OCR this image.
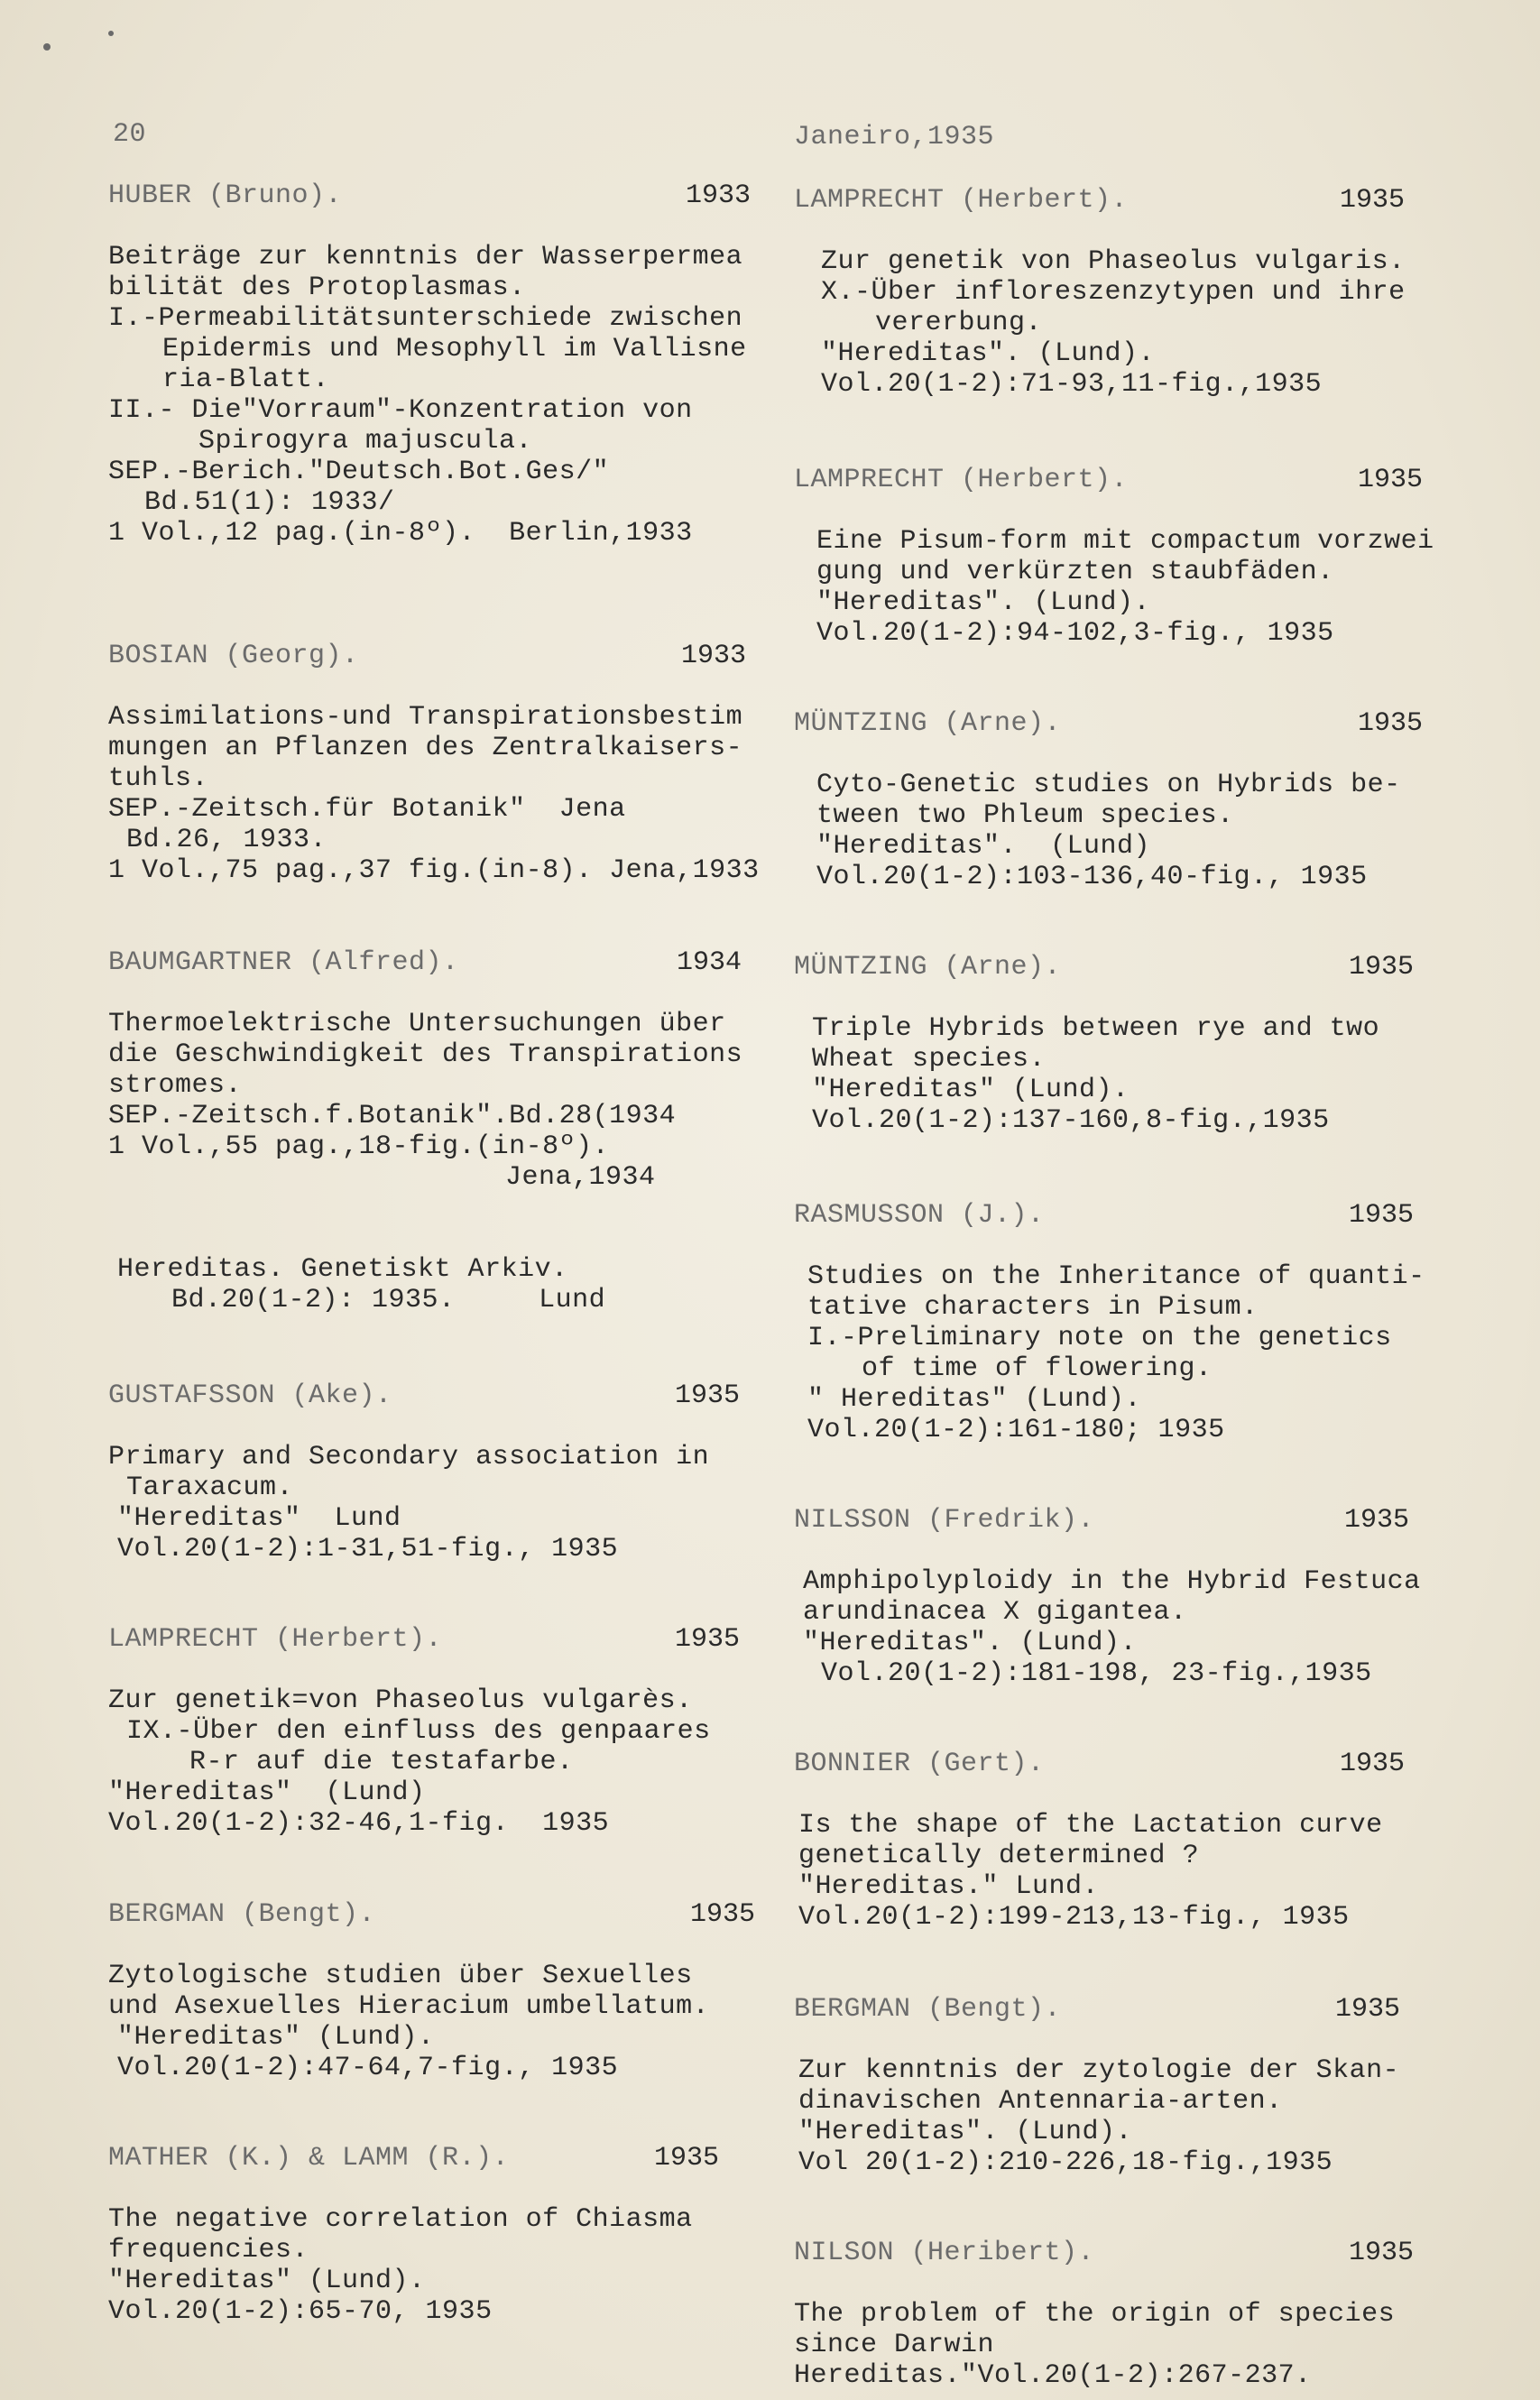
20
HUBER (Bruno).	1933
Beiträge zur kenntnis der Wasserpermea
bilität des Protoplasmas.
I.-Permeabilitätsunterschiede zwischen
Epidermis und Mesophyll im Vallisne
ria-Blatt.
II.- Die"Vorraum"-Konzentration von
Spirogyra majuscula.
SEP.-Berich."Deutsch.Bot.Ges/"
Bd.51(1): 1933/
1 Vol.,12 pag.(in-8º).  Berlin,1933
BOSIAN (Georg).	1933
Assimilations-und Transpirationsbestim
mungen an Pflanzen des Zentralkaisers-
tuhls.
SEP.-Zeitsch.für Botanik"  Jena
Bd.26, 1933.
1 Vol.,75 pag.,37 fig.(in-8). Jena,1933
BAUMGARTNER (Alfred).	1934
Thermoelektrische Untersuchungen über
die Geschwindigkeit des Transpirations
stromes.
SEP.-Zeitsch.f.Botanik".Bd.28(1934
1 Vol.,55 pag.,18-fig.(in-8º).
Jena,1934
Hereditas. Genetiskt Arkiv.
Bd.20(1-2): 1935.     Lund
GUSTAFSSON (Ake).	1935
Primary and Secondary association in
Taraxacum.
"Hereditas"  Lund
Vol.20(1-2):1-31,51-fig., 1935
LAMPRECHT (Herbert).	1935
Zur genetik=von Phaseolus vulgarès.
IX.-Über den einfluss des genpaares
R-r auf die testafarbe.
"Hereditas"  (Lund)
Vol.20(1-2):32-46,1-fig.  1935
BERGMAN (Bengt).	1935
Zytologische studien über Sexuelles
und Asexuelles Hieracium umbellatum.
"Hereditas" (Lund).
Vol.20(1-2):47-64,7-fig., 1935
MATHER (K.) & LAMM (R.).	1935
The negative correlation of Chiasma
frequencies.
"Hereditas" (Lund).
Vol.20(1-2):65-70, 1935
Janeiro,1935
LAMPRECHT (Herbert).	1935
Zur genetik von Phaseolus vulgaris.
X.-Über infloreszenzytypen und ihre
vererbung.
"Hereditas". (Lund).
Vol.20(1-2):71-93,11-fig.,1935
LAMPRECHT (Herbert).	1935
Eine Pisum-form mit compactum vorzwei
gung und verkürzten staubfäden.
"Hereditas". (Lund).
Vol.20(1-2):94-102,3-fig., 1935
MÜNTZING (Arne).	1935
Cyto-Genetic studies on Hybrids be-
tween two Phleum species.
"Hereditas".  (Lund)
Vol.20(1-2):103-136,40-fig., 1935
MÜNTZING (Arne).	1935
Triple Hybrids between rye and two
Wheat species.
"Hereditas" (Lund).
Vol.20(1-2):137-160,8-fig.,1935
RASMUSSON (J.).	1935
Studies on the Inheritance of quanti-
tative characters in Pisum.
I.-Preliminary note on the genetics
of time of flowering.
" Hereditas" (Lund).
Vol.20(1-2):161-180; 1935
NILSSON (Fredrik).	1935
Amphipolyploidy in the Hybrid Festuca
arundinacea X gigantea.
"Hereditas". (Lund).
Vol.20(1-2):181-198, 23-fig.,1935
BONNIER (Gert).	1935
Is the shape of the Lactation curve
genetically determined ?
"Hereditas." Lund.
Vol.20(1-2):199-213,13-fig., 1935
BERGMAN (Bengt).	1935
Zur kenntnis der zytologie der Skan-
dinavischen Antennaria-arten.
"Hereditas". (Lund).
Vol 20(1-2):210-226,18-fig.,1935
NILSON (Heribert).	1935
The problem of the origin of species
since Darwin
Hereditas."Vol.20(1-2):267-237.
